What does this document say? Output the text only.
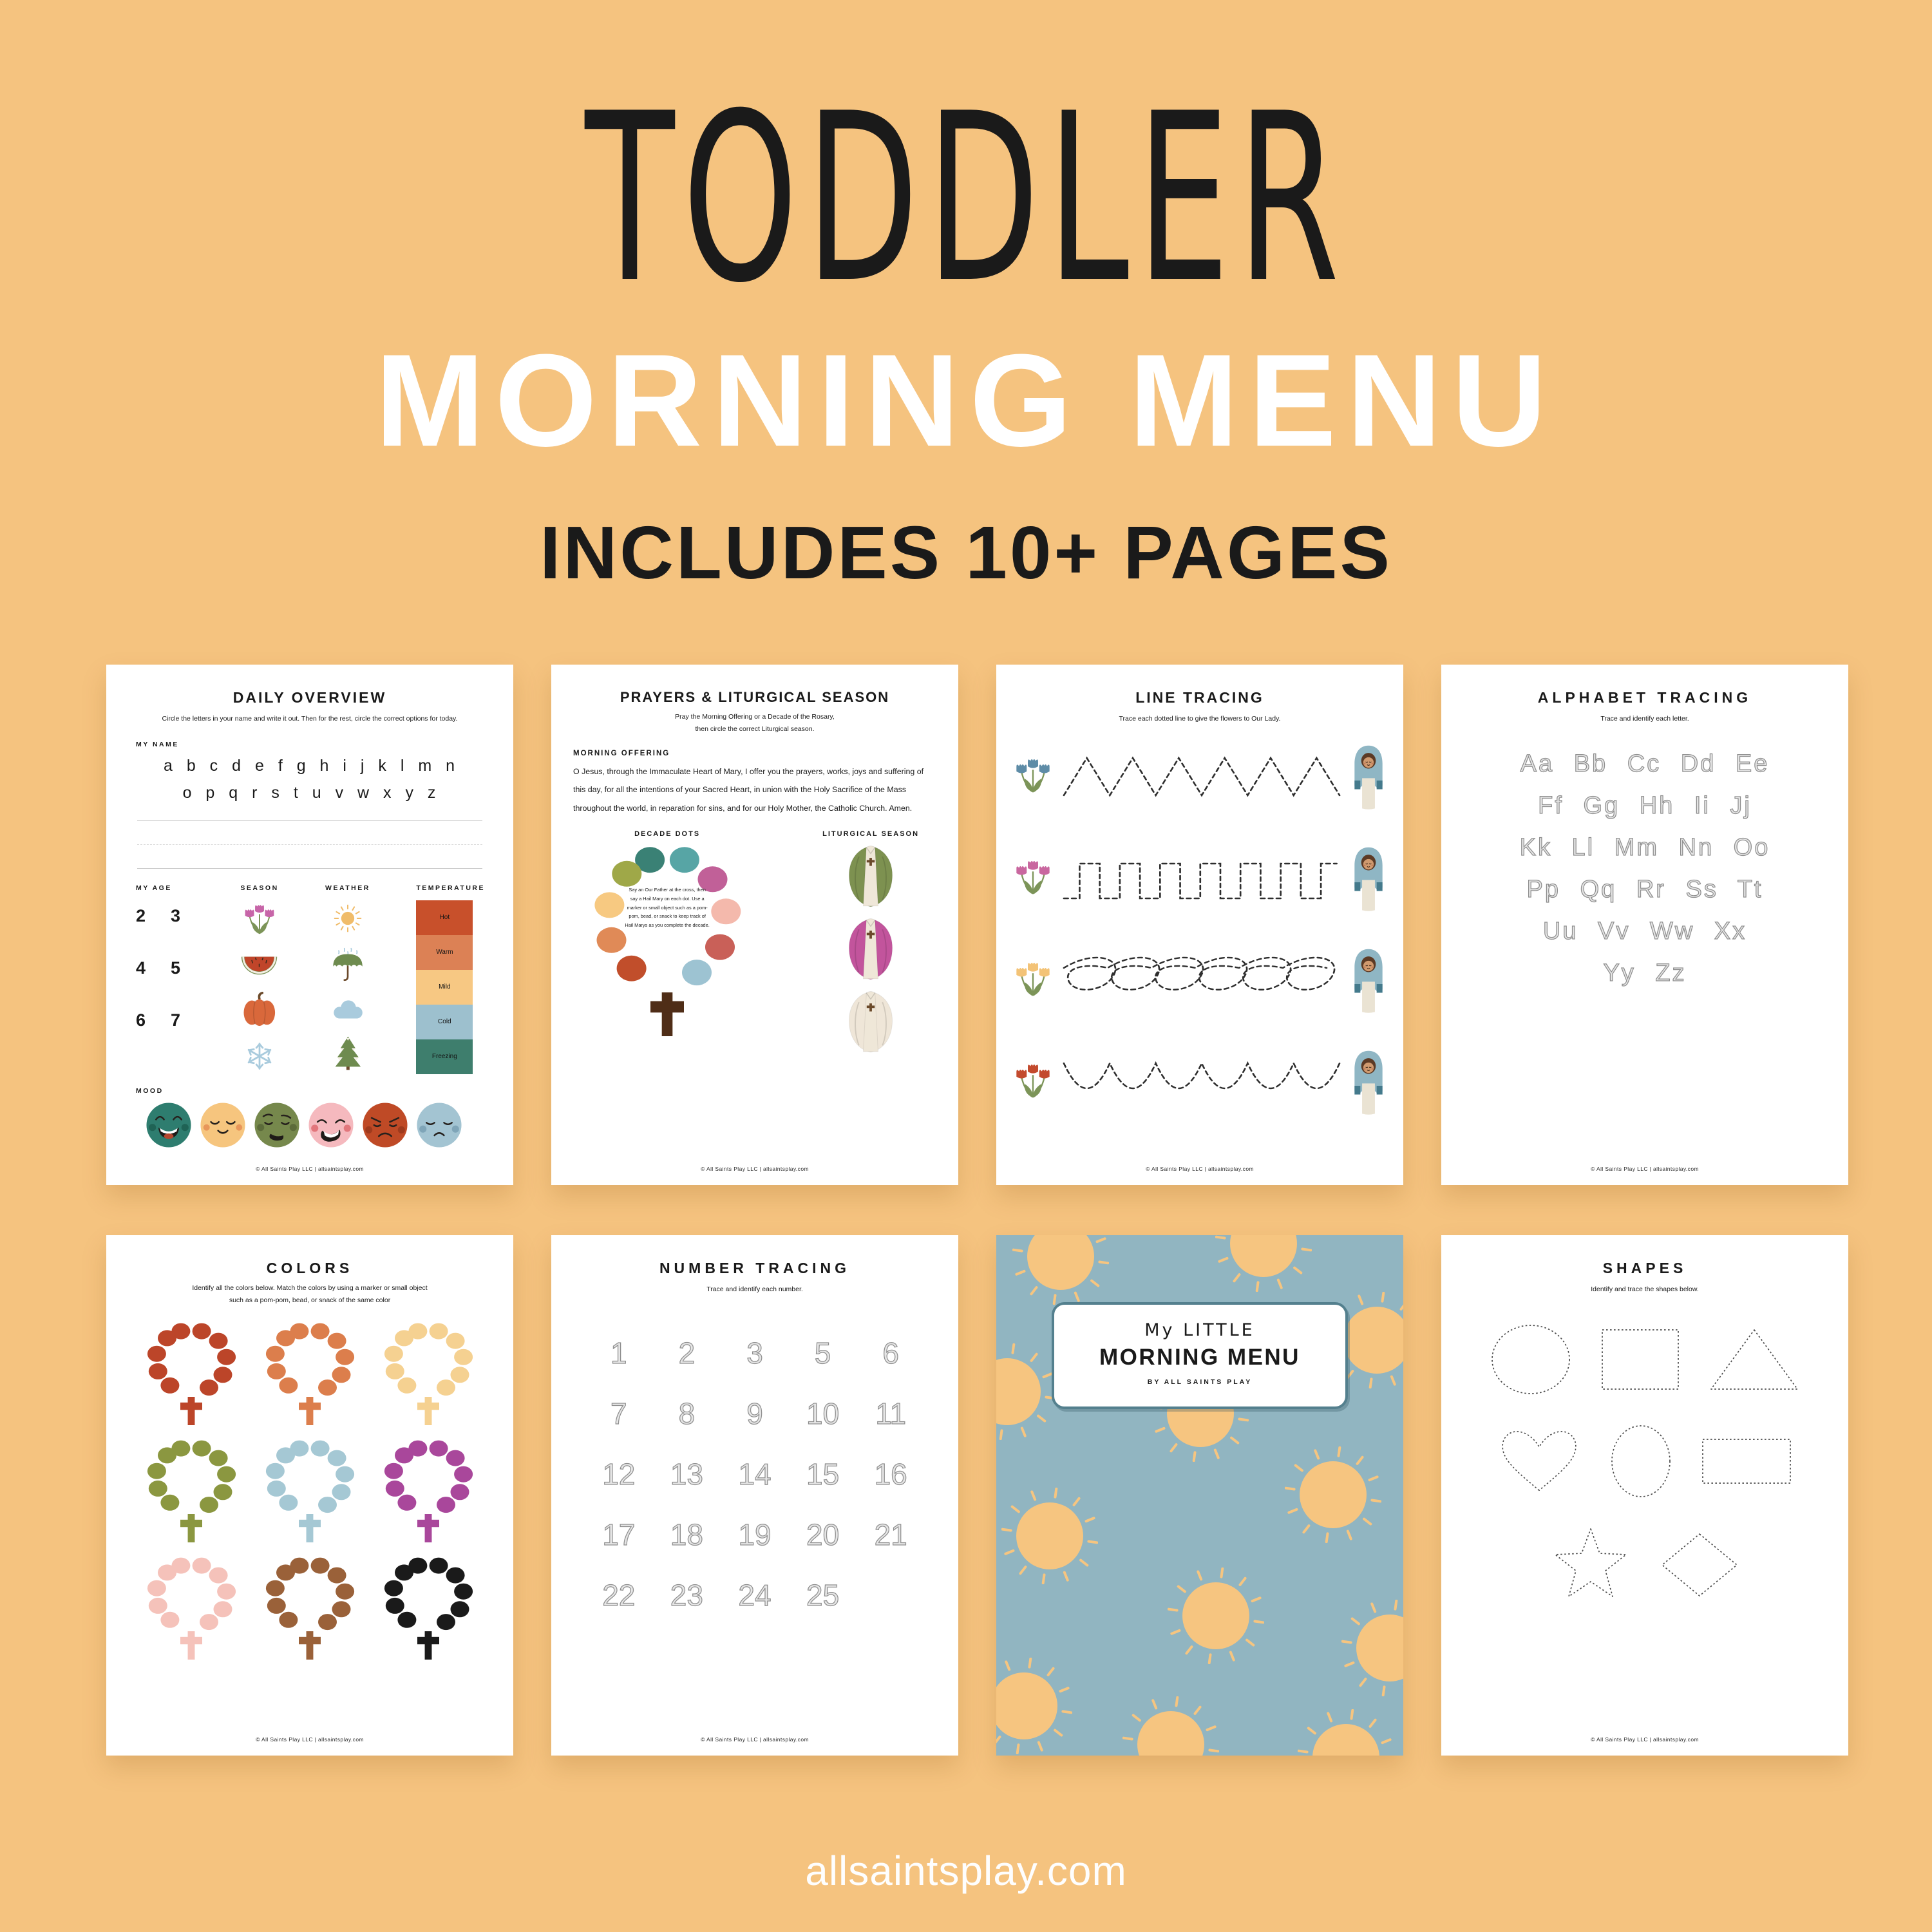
TODDLER
MORNING MENU
INCLUDES 10+ PAGES
DAILY OVERVIEW

Circle the letters in your name and write it out. Then for the rest, circle the correct options for today.

MY NAME
a b c d e f g h i j k l m n
o p q r s t u v w x y z
MY AGE
2	3
4	5
6	7
SEASON	WEATHER	TEMPERATURE
Hot
Warm
Mild
Cold
Freezing
MOOD
© All Saints Play LLC | allsaintsplay.com
PRAYERS & LITURGICAL SEASON

Pray the Morning Offering or a Decade of the Rosary,
then circle the correct Liturgical season.

MORNING OFFERING

O Jesus, through the Immaculate Heart of Mary, I offer you the prayers, works, joys and suffering of this day, for all the intentions of your Sacred Heart, in union with the Holy Sacrifice of the Mass throughout the world, in reparation for sins, and for our Holy Mother, the Catholic Church. Amen.

DECADE DOTS
Say an Our Father at the cross, then say a Hail Mary on each dot. Use a marker or small object such as a pom-pom, bead, or snack to keep track of Hail Marys as you complete the decade.
LITURGICAL SEASON
© All Saints Play LLC | allsaintsplay.com
LINE TRACING

Trace each dotted line to give the flowers to Our Lady.

© All Saints Play LLC | allsaintsplay.com
ALPHABET TRACING

Trace and identify each letter.

Aa Bb Cc Dd Ee
Ff Gg Hh Ii Jj
Kk Ll Mm Nn Oo
Pp Qq Rr Ss Tt
Uu Vv Ww Xx
Yy Zz
© All Saints Play LLC | allsaintsplay.com
COLORS

Identify all the colors below. Match the colors by using a marker or small object
such as a pom-pom, bead, or snack of the same color

© All Saints Play LLC | allsaintsplay.com
NUMBER TRACING

Trace and identify each number.

1	2	3	5	6
7	8	9	10	11
12	13	14	15	16
17	18	19	20	21
22	23	24	25
© All Saints Play LLC | allsaintsplay.com
My LITTLE
MORNING MENU
BY ALL SAINTS PLAY
SHAPES

Identify and trace the shapes below.

© All Saints Play LLC | allsaintsplay.com
allsaintsplay.com
